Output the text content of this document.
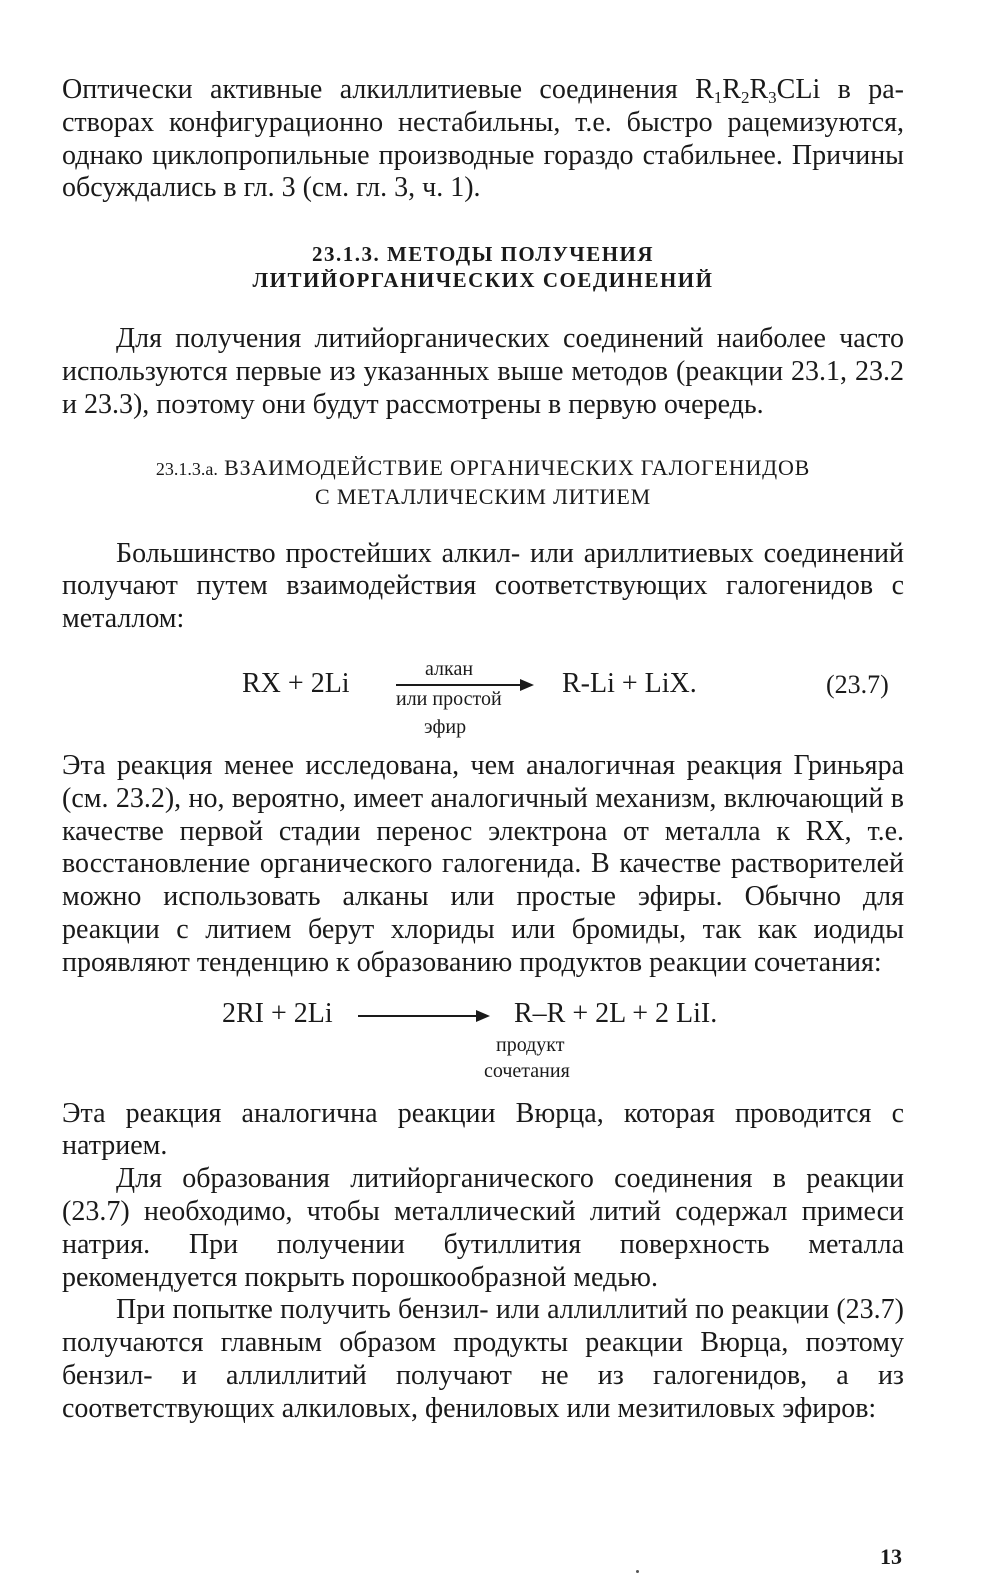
Оптически активные алкиллитиевые соединения $R_1R_2R_3CLi$ в растворах конфигурационно нестабильны, т.е. быстро рацемизуются, однако циклопропильные производные гораздо стабильнее. Причины обсуждались в гл. 3 (см. гл. 3, ч. 1).

23.1.3. МЕТОДЫ ПОЛУЧЕНИЯ
ЛИТИЙОРГАНИЧЕСКИХ СОЕДИНЕНИЙ

Для получения литийорганических соединений наиболее часто используются первые из указанных выше методов (реакции 23.1, 23.2 и 23.3), поэтому они будут рассмотрены в первую очередь.

23.1.3.а. ВЗАИМОДЕЙСТВИЕ ОРГАНИЧЕСКИХ ГАЛОГЕНИДОВ
С МЕТАЛЛИЧЕСКИМ ЛИТИЕМ

Большинство простейших алкил- или ариллитиевых соединений получают путем взаимодействия соответствующих галогенидов с металлом:

RX + 2Li	алкан
или простой
эфир
R-Li + LiX.	(23.7)

Эта реакция менее исследована, чем аналогичная реакция Гриньяра (см. 23.2), но, вероятно, имеет аналогичный механизм, включающий в качестве первой стадии перенос электрона от металла к RX, т.е. восстановление органического галогенида. В качестве растворителей можно использовать алканы или простые эфиры. Обычно для реакции с литием берут хлориды или бромиды, так как иодиды проявляют тенденцию к образованию продуктов реакции сочетания:

2RI + 2Li	R–R + 2L + 2 LiI.
продукт
сочетания

Эта реакция аналогична реакции Вюрца, которая проводится с натрием.

Для образования литийорганического соединения в реакции (23.7) необходимо, чтобы металлический литий содержал примеси натрия. При получении бутиллития поверхность металла рекомендуется покрыть порошкообразной медью.

При попытке получить бензил- или аллиллитий по реакции (23.7) получаются главным образом продукты реакции Вюрца, поэтому бензил- и аллиллитий получают не из галогенидов, а из соответствующих алкиловых, фениловых или мезитиловых эфиров:

13
